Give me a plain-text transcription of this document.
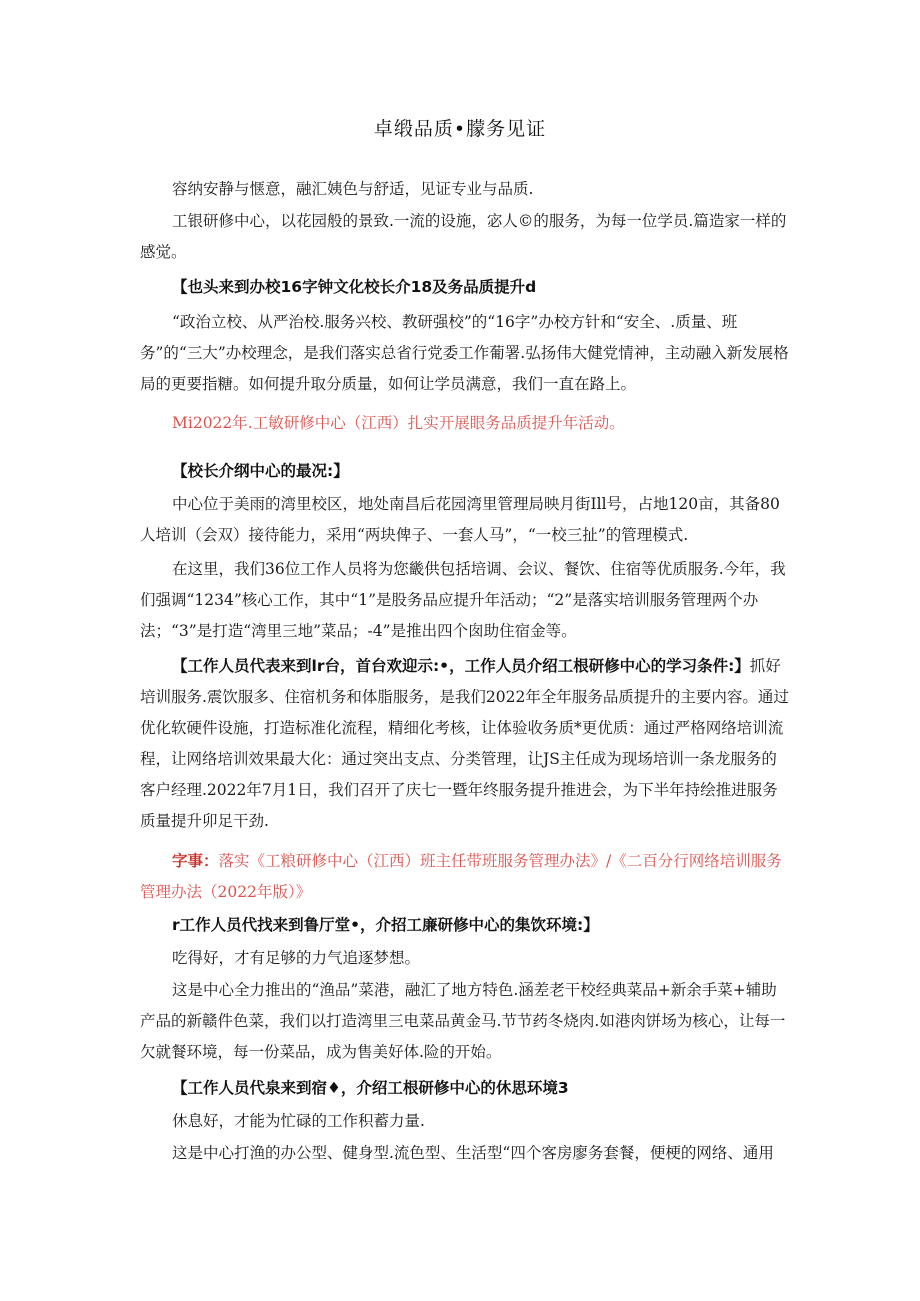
卓缎品质•朦务见证
容纳安静与惬意，融汇姨色与舒适，见证专业与品质.
工银研修中心，以花园般的景致.一流的设施，宓人©的服务，为每一位学员.篇造家一样的感觉。
【也头来到办校16字钟文化校长介18及务品质提升d
“政治立校、从严治校.服务兴校、教研强校”的“16字”办校方针和“安全、.质量、班务”的“三大”办校理念，是我们落实总省行党委工作葡署.弘扬伟大健党情神，主动融入新发展格局的更要指糖。如何提升取分质量，如何让学员满意，我们一直在路上。
Mi2022年.工敏研修中心（江西）扎实开展眼务品质提升年活动。
【校长介纲中心的最况:】
中心位于美雨的湾里校区，地处南昌后花园湾里管理局映月街Ill号，占地120亩，其备80人培训（会双）接待能力，采用“两块俾子、一套人马”，“一校三扯”的管理模式.
在这里，我们36位工作人员将为您畿供包括培调、会议、餐饮、住宿等优质服务.今年，我们强调“1234”核心工作，其中“1”是股务品应提升年活动；“2”是落实培训服务管理两个办法；“3”是打造“湾里三地”菜品；-4”是推出四个囱助住宿金等。
【工作人员代表来到lr台，首台欢迎示:•，工作人员介绍工根研修中心的学习条件:】抓好培训服务.震饮服多、住宿机务和体脂服务，是我们2022年全年服务品质提升的主要内容。通过优化软硬件设施，打造标准化流程，精细化考核，让体验收务质*更优质：通过严格网络培训流程，让网络培训效果最大化：通过突出支点、分类管理，让JS主任成为现场培训一条龙服务的客户经理.2022年7月1日，我们召开了庆七一暨年终服务提升推进会，为下半年持绘推进服务质量提升卯足干劲.
字事：落实《工粮研修中心（江西）班主任带班服务管理办法》/《二百分行网络培训服务管理办法（2022年版）》
r工作人员代找来到鲁厅堂•，介招工廉研修中心的集饮环境:】
吃得好，才有足够的力气追逐梦想。
这是中心全力推出的“渔品”菜港，融汇了地方特色.涵差老干校经典菜品+新余手菜+辅助产品的新赣件色菜，我们以打造湾里三电菜品黄金马.节节药冬烧肉.如港肉饼场为核心，让每一欠就餐环境，每一份菜品，成为售美好体.险的开始。
【工作人员代泉来到宿♦，介绍工根研修中心的休思环境3
休息好，才能为忙碌的工作积蓄力量.
这是中心打渔的办公型、健身型.流色型、生活型“四个客房廖务套餐，便梗的网络、通用
